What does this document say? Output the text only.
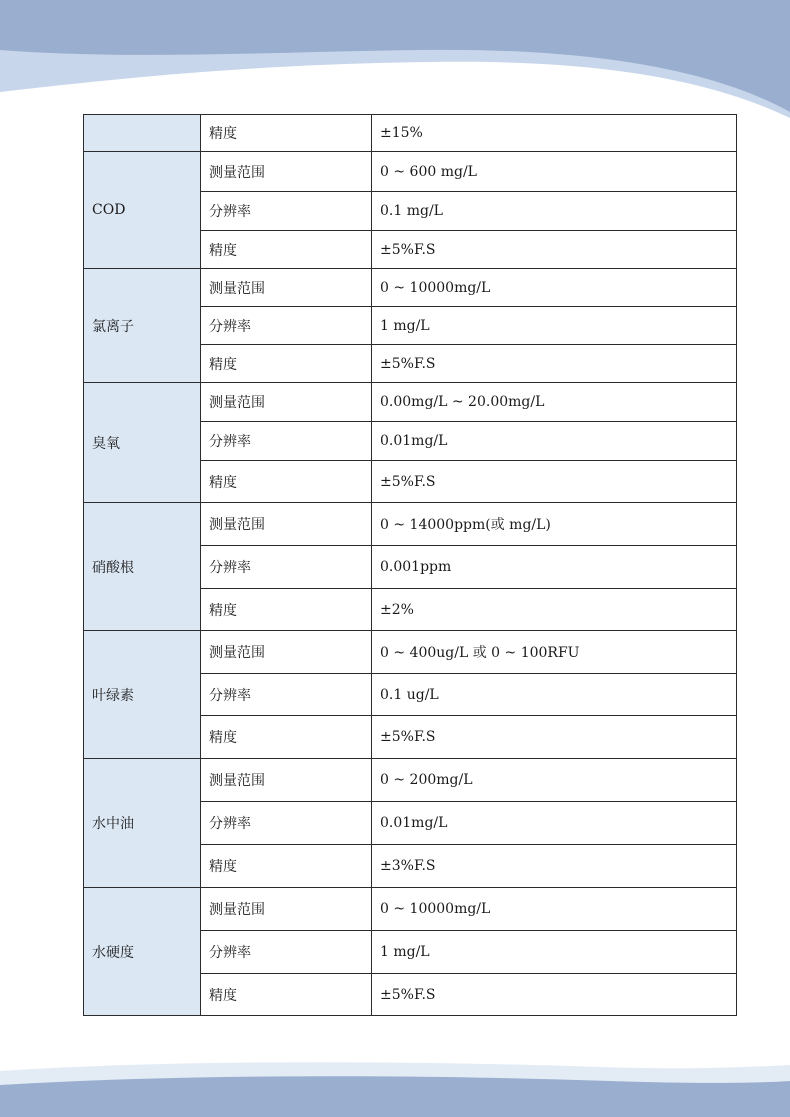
	精度	±15%
COD	测量范围	0 ~ 600 mg/L
	分辨率	0.1 mg/L
	精度	±5%F.S
氯离子	测量范围	0 ~ 10000mg/L
	分辨率	1 mg/L
	精度	±5%F.S
臭氧	测量范围	0.00mg/L ~ 20.00mg/L
	分辨率	0.01mg/L
	精度	±5%F.S
硝酸根	测量范围	0 ~ 14000ppm(或 mg/L)
	分辨率	0.001ppm
	精度	±2%
叶绿素	测量范围	0 ~ 400ug/L 或 0 ~ 100RFU
	分辨率	0.1 ug/L
	精度	±5%F.S
水中油	测量范围	0 ~ 200mg/L
	分辨率	0.01mg/L
	精度	±3%F.S
水硬度	测量范围	0 ~ 10000mg/L
	分辨率	1 mg/L
	精度	±5%F.S
